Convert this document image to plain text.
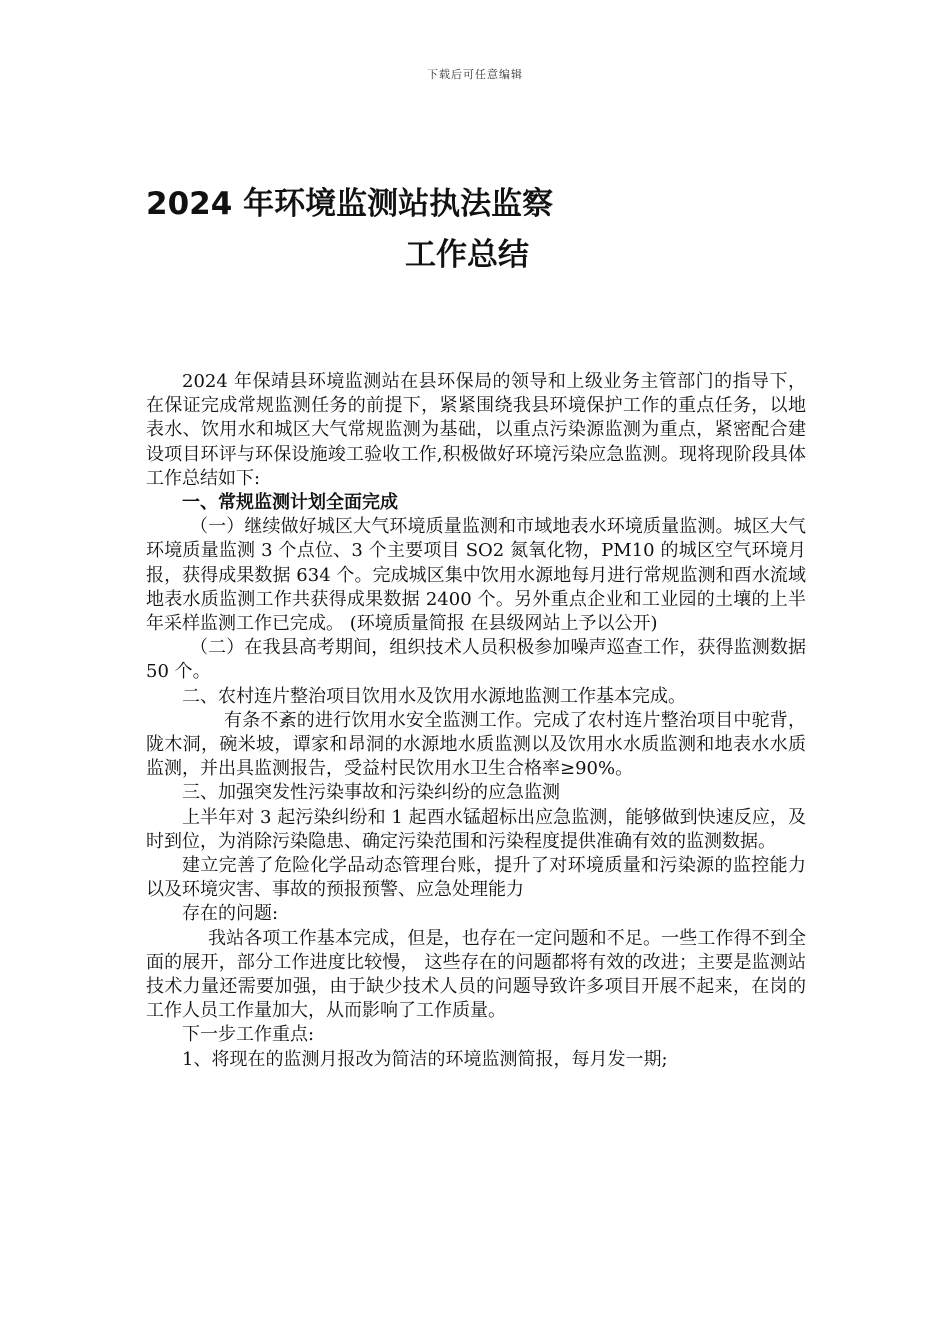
下载后可任意编辑
2024 年环境监测站执法监察
工作总结

2024 年保靖县环境监测站在县环保局的领导和上级业务主管部门的指导下，在保证完成常规监测任务的前提下，紧紧围绕我县环境保护工作的重点任务，以地表水、饮用水和城区大气常规监测为基础，以重点污染源监测为重点，紧密配合建设项目环评与环保设施竣工验收工作,积极做好环境污染应急监测。现将现阶段具体工作总结如下:

一、常规监测计划全面完成

（一）继续做好城区大气环境质量监测和市域地表水环境质量监测。城区大气环境质量监测 3 个点位、3 个主要项目 SO2 氮氧化物，PM10 的城区空气环境月报，获得成果数据 634 个。完成城区集中饮用水源地每月进行常规监测和酉水流域地表水质监测工作共获得成果数据 2400 个。另外重点企业和工业园的土壤的上半年采样监测工作已完成。 (环境质量简报 在县级网站上予以公开)

（二）在我县高考期间，组织技术人员积极参加噪声巡查工作，获得监测数据 50 个。

二、农村连片整治项目饮用水及饮用水源地监测工作基本完成。

有条不紊的进行饮用水安全监测工作。完成了农村连片整治项目中驼背，陇木洞，碗米坡，谭家和昂洞的水源地水质监测以及饮用水水质监测和地表水水质监测，并出具监测报告，受益村民饮用水卫生合格率≥90%。

三、加强突发性污染事故和污染纠纷的应急监测

上半年对 3 起污染纠纷和 1 起酉水锰超标出应急监测，能够做到快速反应，及时到位，为消除污染隐患、确定污染范围和污染程度提供准确有效的监测数据。

建立完善了危险化学品动态管理台账，提升了对环境质量和污染源的监控能力以及环境灾害、事故的预报预警、应急处理能力

存在的问题:

我站各项工作基本完成，但是，也存在一定问题和不足。一些工作得不到全面的展开，部分工作进度比较慢， 这些存在的问题都将有效的改进；主要是监测站技术力量还需要加强，由于缺少技术人员的问题导致许多项目开展不起来，在岗的工作人员工作量加大，从而影响了工作质量。

下一步工作重点:

1、将现在的监测月报改为简洁的环境监测简报，每月发一期;
